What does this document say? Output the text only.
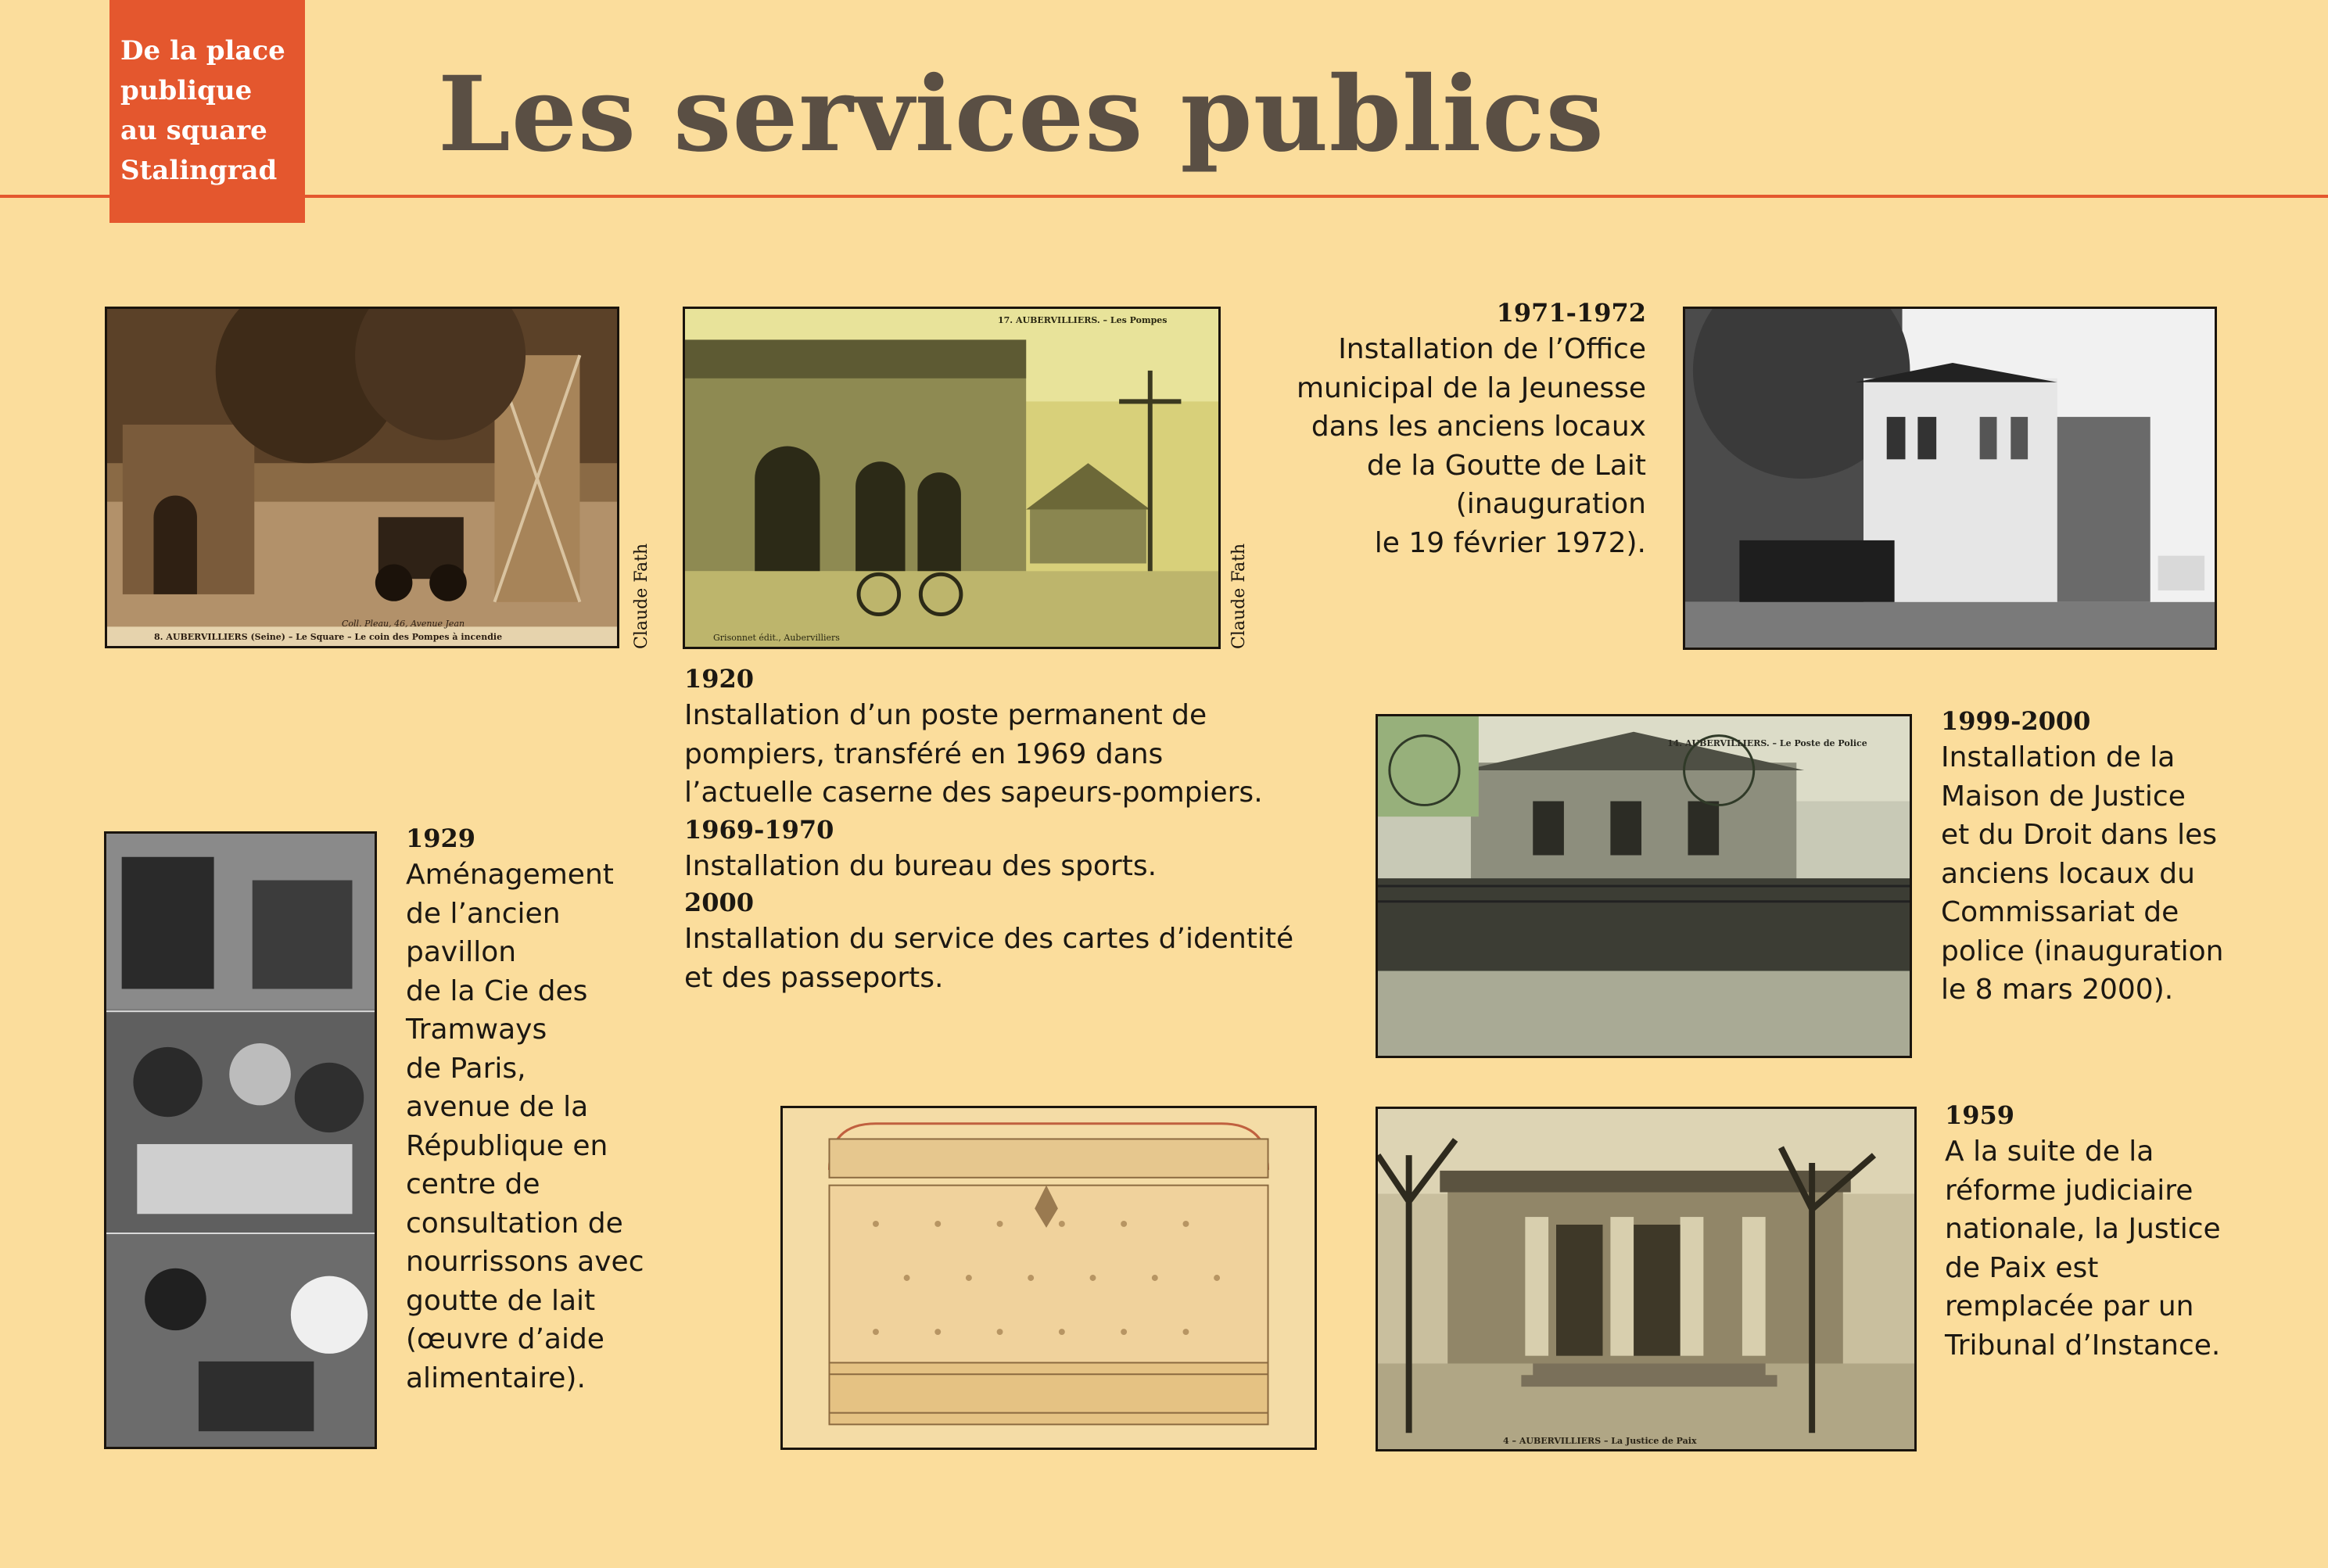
De la place
publique
au square
Stalingrad Les services publics
8. AUBERVILLIERS (Seine) – Le Square – Le coin des Pompes à incendie
Coll. Pleau, 46, Avenue Jean	Claude Fath
17. AUBERVILLIERS. – Les Pompes
Grisonnet édit., Aubervilliers	Claude Fath
14. AUBERVILLIERS. – Le Poste de Police
4 – AUBERVILLIERS – La Justice de Paix
1971-1972
Installation de l’Office
municipal de la Jeunesse
dans les anciens locaux
de la Goutte de Lait
(inauguration
le 19 février 1972).
1920
Installation d’un poste permanent de
pompiers, transféré en 1969 dans
l’actuelle caserne des sapeurs-pompiers.
1969-1970
Installation du bureau des sports.
2000
Installation du service des cartes d’identité
et des passeports.
1999-2000
Installation de la
Maison de Justice
et du Droit dans les
anciens locaux du
Commissariat de
police (inauguration
le 8 mars 2000).
1929
Aménagement
de l’ancien
pavillon
de la Cie des
Tramways
de Paris,
avenue de la
République en
centre de
consultation de
nourrissons avec
goutte de lait
(œuvre d’aide
alimentaire).
1959
A la suite de la
réforme judiciaire
nationale, la Justice
de Paix est
remplacée par un
Tribunal d’Instance.
